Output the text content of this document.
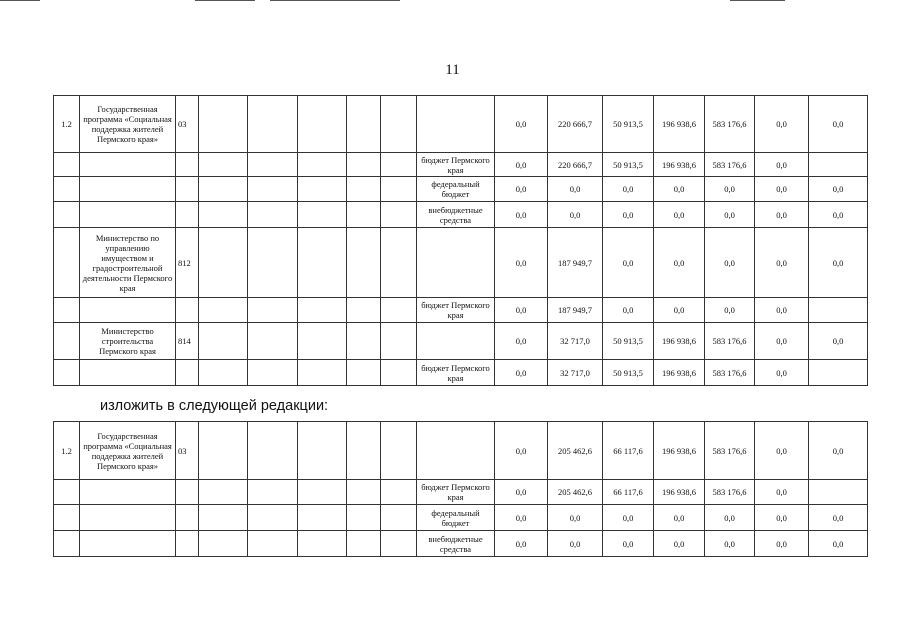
11
1.2	Государственная программа «Социальная поддержка жителей Пермского края»	03							0,0	220 666,7	50 913,5	196 938,6	583 176,6	0,0	0,0
								бюджет Пермского края	0,0	220 666,7	50 913,5	196 938,6	583 176,6	0,0	
								федеральный бюджет	0,0	0,0	0,0	0,0	0,0	0,0	0,0
								внебюджетные средства	0,0	0,0	0,0	0,0	0,0	0,0	0,0
	Министерство по управлению имуществом и градостроительной деятельности Пермского края	812							0,0	187 949,7	0,0	0,0	0,0	0,0	0,0
								бюджет Пермского края	0,0	187 949,7	0,0	0,0	0,0	0,0	
	Министерство строительства Пермского края	814							0,0	32 717,0	50 913,5	196 938,6	583 176,6	0,0	0,0
								бюджет Пермского края	0,0	32 717,0	50 913,5	196 938,6	583 176,6	0,0	
изложить в следующей редакции:
1.2	Государственная программа «Социальная поддержка жителей Пермского края»	03							0,0	205 462,6	66 117,6	196 938,6	583 176,6	0,0	0,0
								бюджет Пермского края	0,0	205 462,6	66 117,6	196 938,6	583 176,6	0,0	
								федеральный бюджет	0,0	0,0	0,0	0,0	0,0	0,0	0,0
								внебюджетные средства	0,0	0,0	0,0	0,0	0,0	0,0	0,0
